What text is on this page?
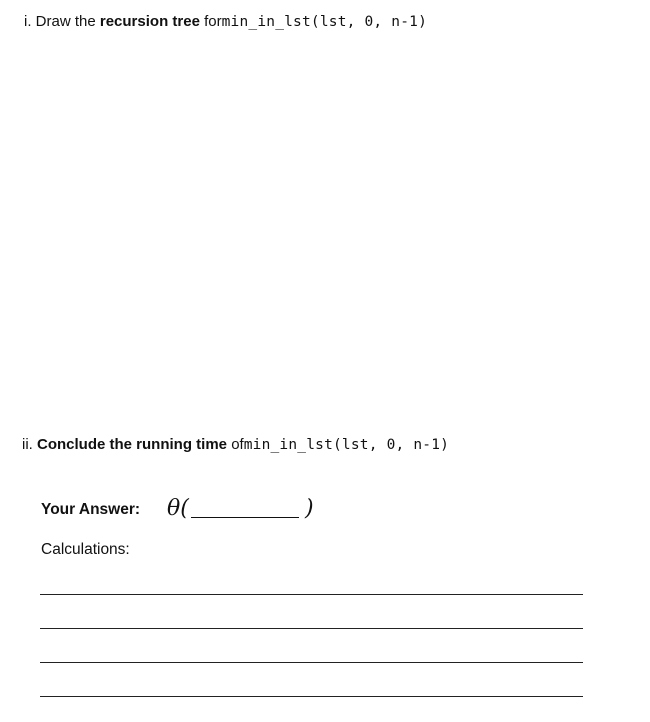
i. Draw the recursion tree formin_in_lst(lst, 0, n-1)
ii. Conclude the running time ofmin_in_lst(lst, 0, n-1)
Your Answer: θ(	)
Calculations:
